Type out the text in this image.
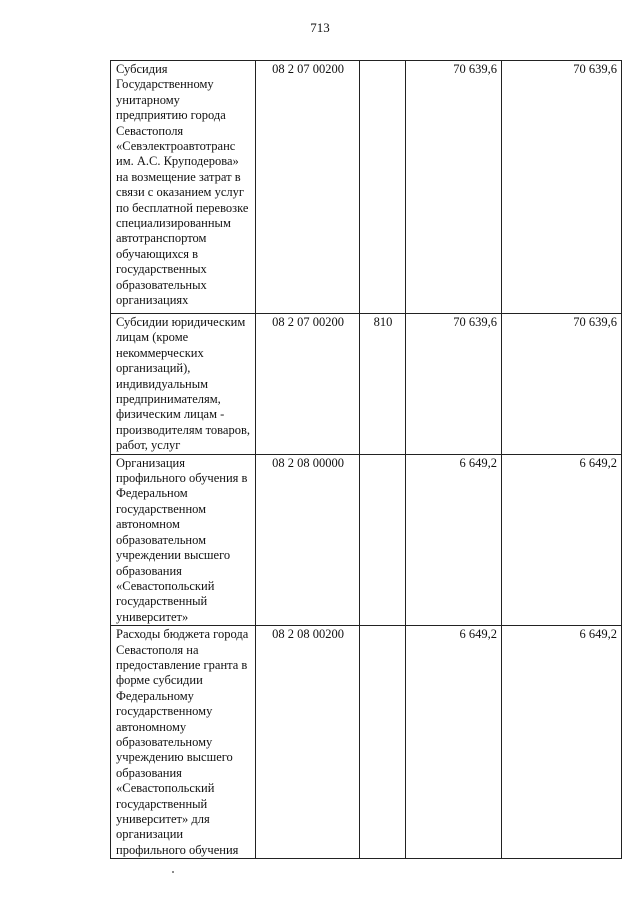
713
Субсидия Государственному унитарному предприятию города Севастополя «Севэлектроавтотранс им. А.С. Круподерова» на возмещение затрат в связи с оказанием услуг по бесплатной перевозке специализированным автотранспортом обучающихся в государственных образовательных организациях	08 2 07 00200		70 639,6	70 639,6
Субсидии юридическим лицам (кроме некоммерческих организаций), индивидуальным предпринимателям, физическим лицам - производителям товаров, работ, услуг	08 2 07 00200	810	70 639,6	70 639,6
Организация профильного обучения в Федеральном государственном автономном образовательном учреждении высшего образования «Севастопольский государственный университет»	08 2 08 00000		6 649,2	6 649,2
Расходы бюджета города Севастополя на предоставление гранта в форме субсидии Федеральному государственному автономному образовательному учреждению высшего образования «Севастопольский государственный университет» для организации профильного обучения	08 2 08 00200		6 649,2	6 649,2
